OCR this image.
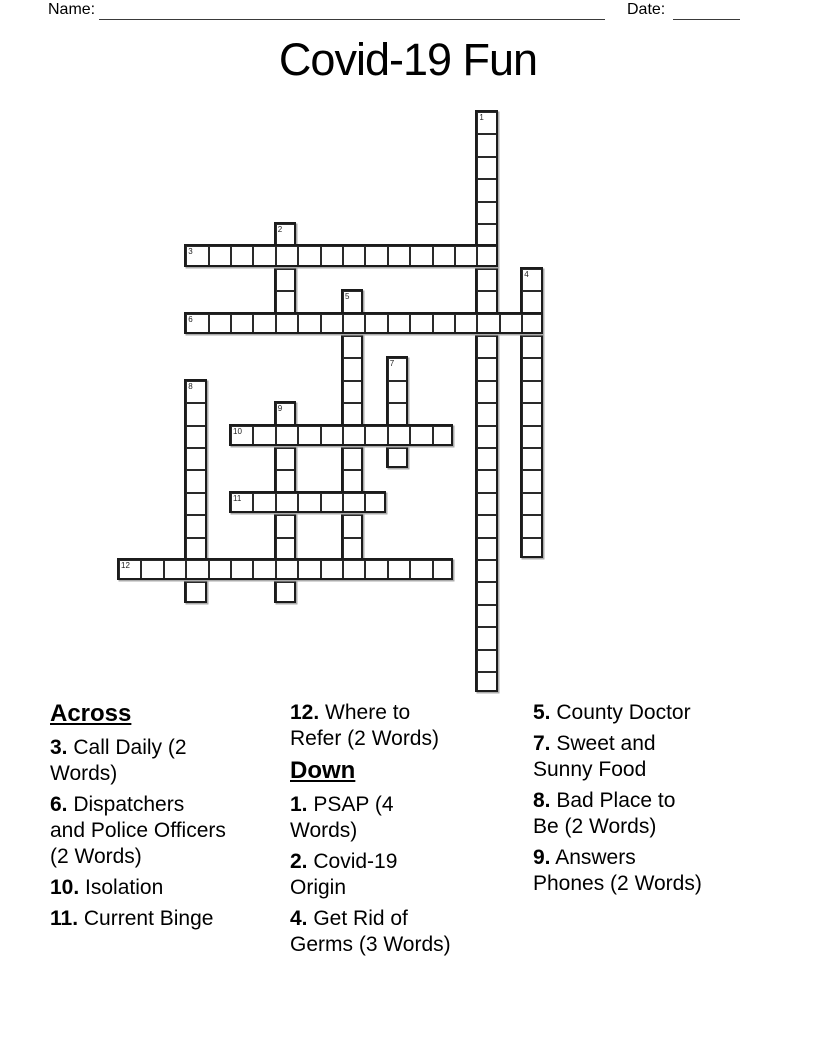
Name:	Date:
Covid-19 Fun
1
2
3
4
5
6
7
8
9
10
11
12
Across
3. Call Daily (2
Words)
6. Dispatchers
and Police Officers
(2 Words)
10. Isolation
11. Current Binge
12. Where to
Refer (2 Words)
Down
1. PSAP (4
Words)
2. Covid-19
Origin
4. Get Rid of
Germs (3 Words)
5. County Doctor
7. Sweet and
Sunny Food
8. Bad Place to
Be (2 Words)
9. Answers
Phones (2 Words)
